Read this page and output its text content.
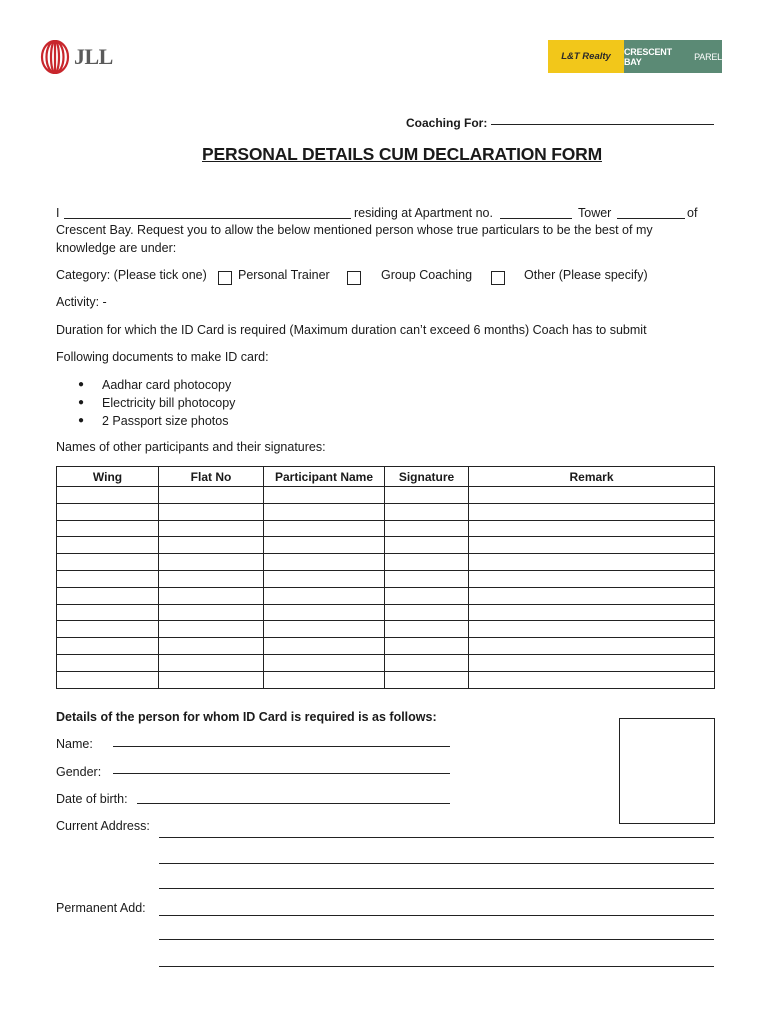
JLL	L&T Realty	CRESCENT BAY	PAREL
Coaching For:
PERSONAL DETAILS CUM DECLARATION FORM
I	residing at Apartment no.	Tower	of
Crescent Bay. Request you to allow the below mentioned person whose true particulars to be the best of my
knowledge are under:
Category: (Please tick one) Personal Trainer	Group Coaching	Other (Please specify)
Activity: -
Duration for which the ID Card is required (Maximum duration can’t exceed 6 months) Coach has to submit
Following documents to make ID card:
● Aadhar card photocopy
● Electricity bill photocopy
● 2 Passport size photos
Names of other participants and their signatures:
Wing	Flat No	Participant Name	Signature	Remark

Details of the person for whom ID Card is required is as follows:
Name:
Gender:
Date of birth:
Current Address:
Permanent Add:
